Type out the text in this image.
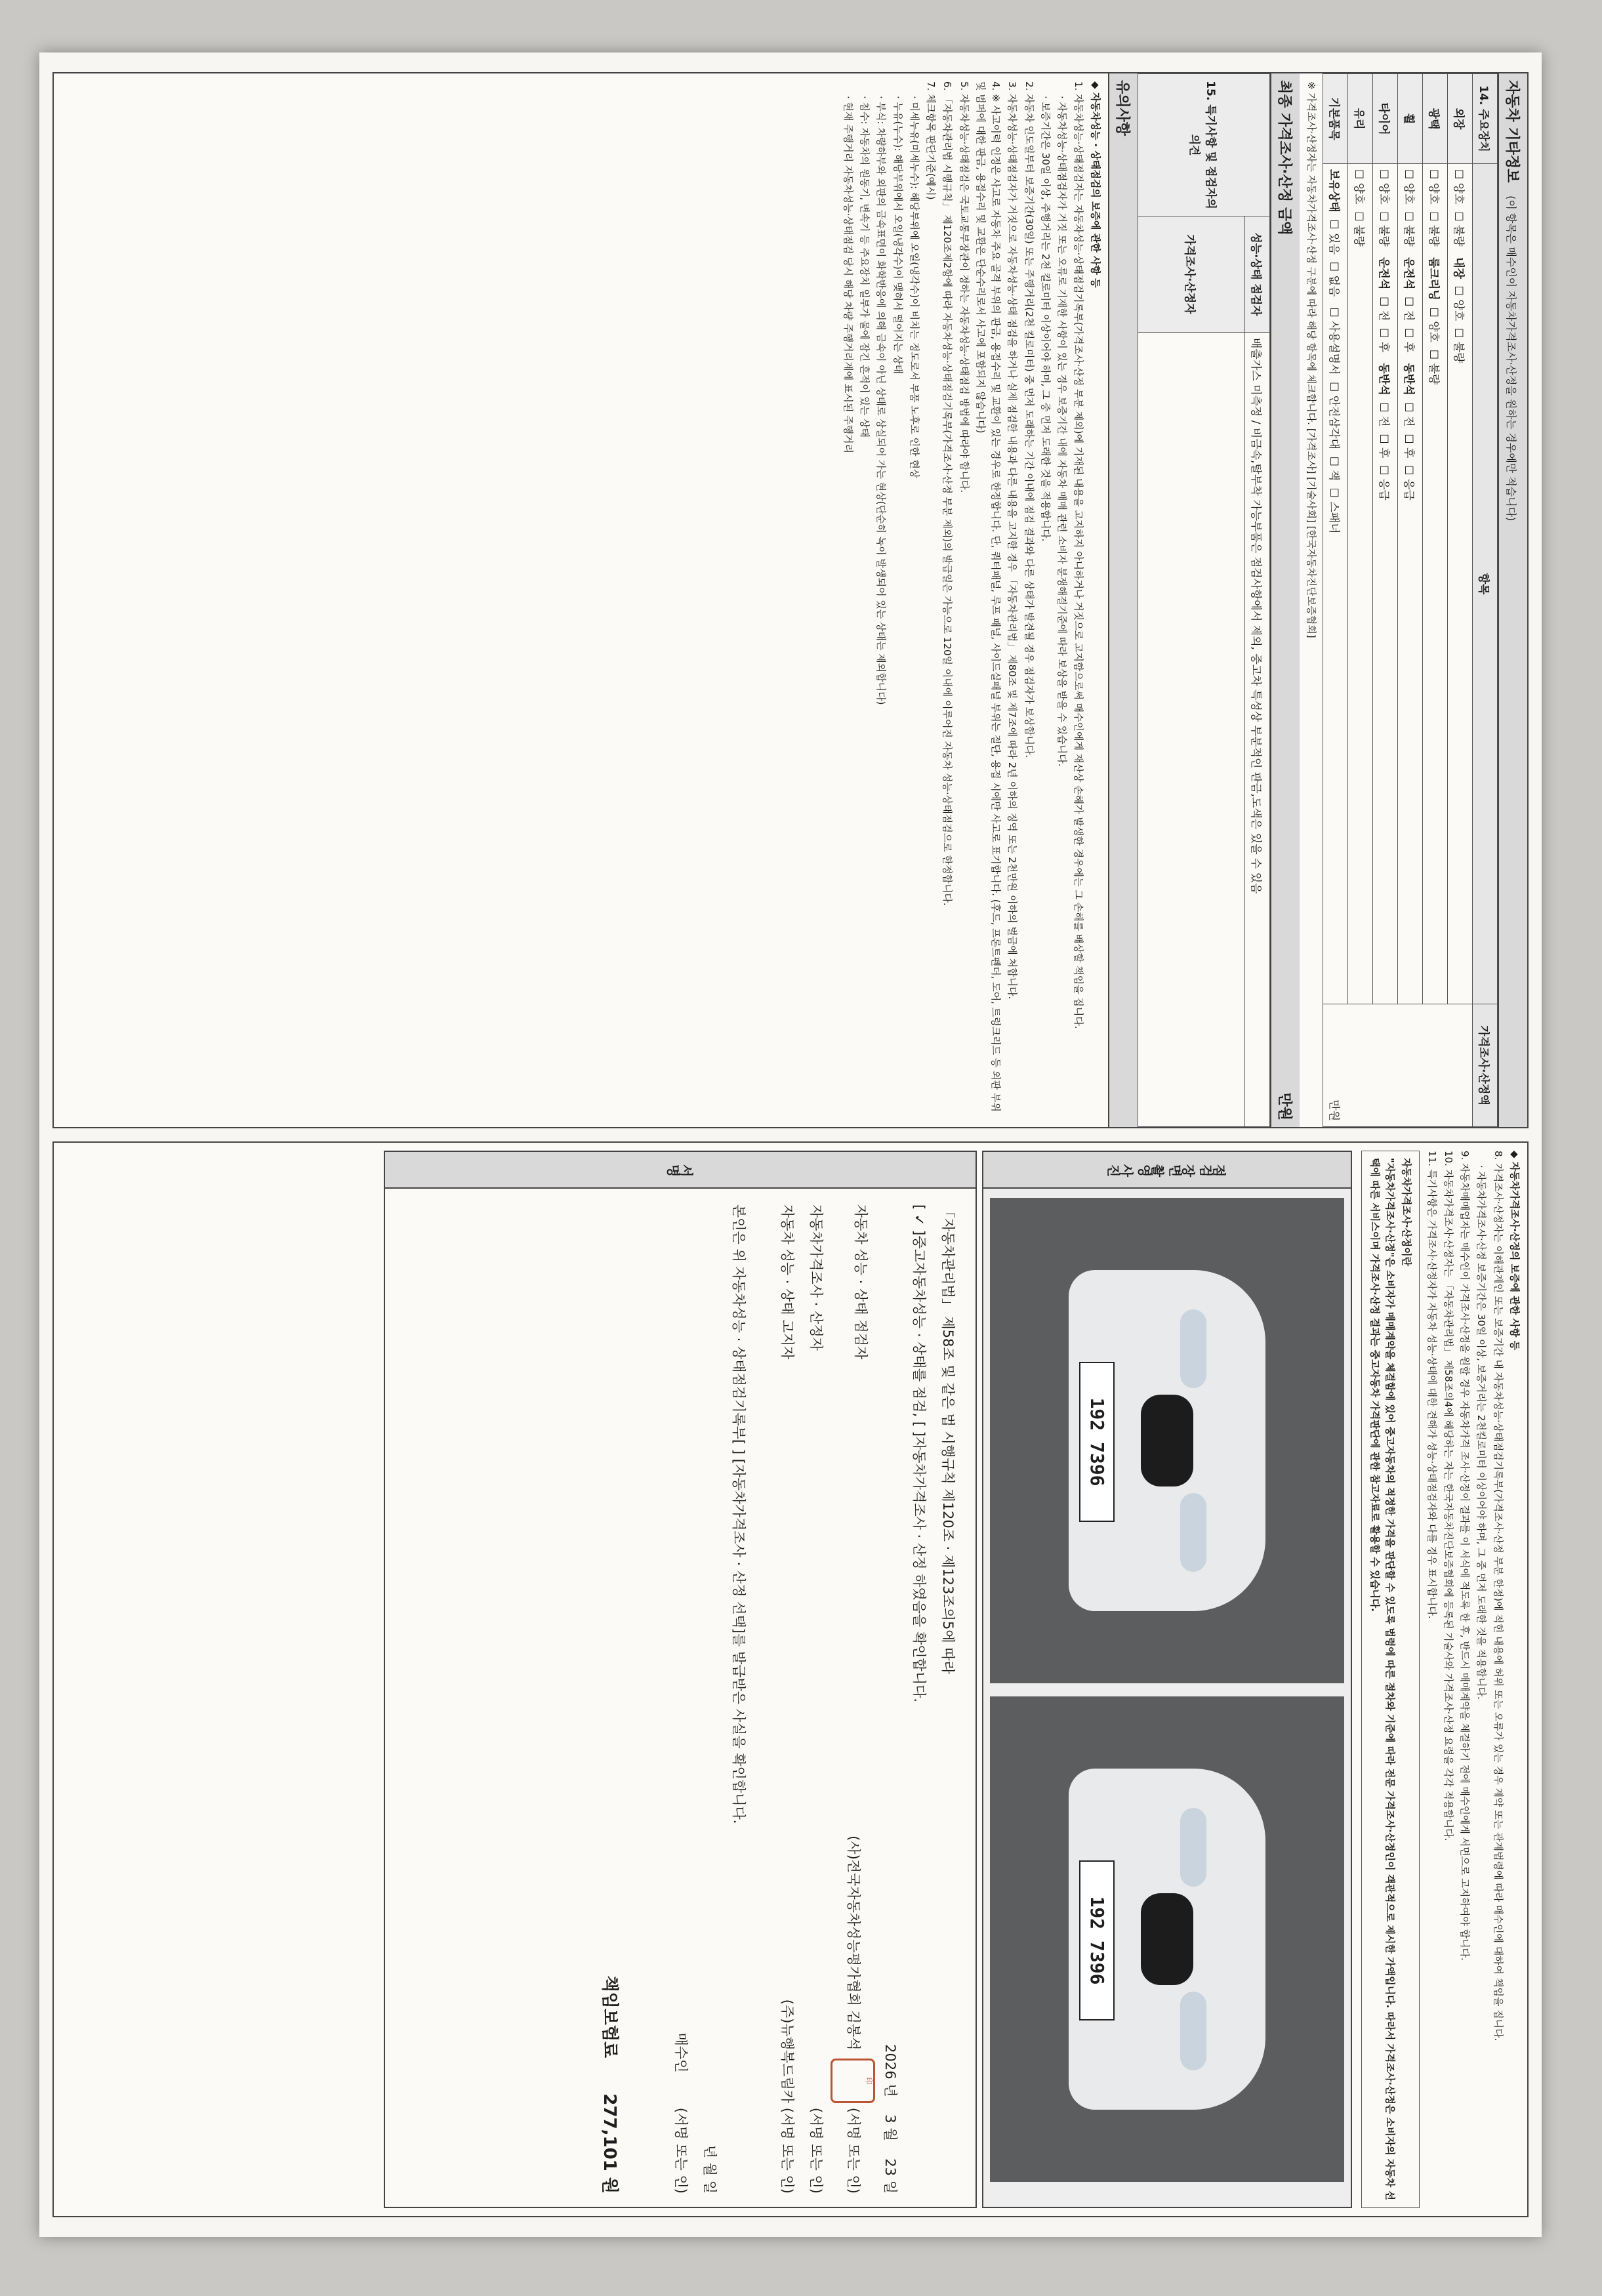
자동차 기타정보 (이 항목은 매수인이 자동차가격조사·산정을 원하는 경우에만 적습니다)
14. 주요장치	항목	가격조사·산정액
외장	☐ 양호  ☐ 불량   내장  ☐ 양호  ☐ 불량	만원
광택	☐ 양호  ☐ 불량   룸크리닝  ☐ 양호  ☐ 불량
휠	☐ 양호  ☐ 불량   운전석  ☐ 전  ☐ 후   동반석  ☐ 전  ☐ 후  ☐ 응급
타이어	☐ 양호  ☐ 불량   운전석  ☐ 전  ☐ 후   동반석  ☐ 전  ☐ 후  ☐ 응급
유리	☐ 양호  ☐ 불량
기본품목	보유상태  ☐ 있음  ☐ 없음   ☐ 사용설명서  ☐ 안전삼각대  ☐ 잭  ☐ 스패너
※ 가격조사·산정자는 자동차가격조사·산정 구분에 따라 해당 항목에 체크합니다. [가격조사] [기술사회] [한국자동차진단보증협회]
최종 가격조사·산정 금액
만원
15. 특기사항 및 점검자의 의견	성능·상태 점검자	배출가스 미측정 / 비금속,탈부착 가능부품은 점검사항에서 제외, 중고차 특성상 부분적인 판금,도색은 있을 수 있음
	가격조사·산정자	
유의사항

◆ 자동차성능 · 상태점검의 보증에 관한 사항 등

1. 자동차성능·상태점검자는 자동차성능·상태점검기록부(가격조사·산정 부분 제외)에 기재된 내용을 고지하지 아니하거나 거짓으로 고지함으로써 매수인에게 재산상 손해가 발생한 경우에는 그 손해를 배상할 책임을 집니다.

· 자동차성능·상태점검자가 거짓 또는 오류로 기재한 사항이 있는 경우 보증기간 내에 자동차 매매 관련 소비자 분쟁해결기준에 따라 보상을 받을 수 있습니다.

· 보증기간은 30일 이상, 주행거리는 2천 킬로미터 이상이어야 하며, 그 중 먼저 도래한 것을 적용합니다.

2. 자동차 인도일부터 보증기간(30일) 또는 주행거리(2천 킬로미터) 중 먼저 도래하는 기간 이내에 점검 결과와 다른 상태가 발견될 경우 점검자가 보상합니다.

3. 자동차성능·상태점검자가 거짓으로 자동차성능·상태 점검을 하거나 실제 점검한 내용과 다른 내용을 고지한 경우 「자동차관리법」 제80조 및 제7조에 따라 2년 이하의 징역 또는 2천만원 이하의 벌금에 처합니다.

4. ※ 사고이력 인정은 사고로 자동차 주요 골격 부위의 판금, 용접수리 및 교환이 있는 경우로 한정합니다. 단, 쿼터패널, 루프 패널, 사이드실패널 부위는 절단, 용접 시에만 사고로 표기합니다. (후드, 프론트펜더, 도어, 트렁크리드 등 외판 부위 및 범퍼에 대한 판금, 용접수리 및 교환은 단순수리로서 사고에 포함되지 않습니다)

5. 자동차성능·상태점검은 국토교통부장관이 정하는 자동차성능·상태점검 방법에 따라야 합니다.

6. 「자동차관리법 시행규칙」 제120조제2항에 따라 자동차성능·상태점검기록부(가격조사·산정 부분 제외)의 발급일은 가능으로 120일 이내에 이루어진 자동차 성능·상태점검으로 한정합니다.

7. 체크항목 판단기준(예시)

· 미세누유(미세누수): 해당부위에 오일(냉각수)이 비치는 정도로서 부품 노후로 인한 현상

· 누유(누수): 해당부위에서 오일(냉각수)이 맺혀서 떨어지는 상태

· 부식: 차량하부와 외판의 금속표면이 화학반응에 의해 금속이 아닌 상태로 상실되어 가는 현상(단순히 녹이 발생되어 있는 상태는 제외합니다)

· 침수: 자동차의 원동기, 변속기 등 주요장치 일부가 물에 잠긴 흔적이 있는 상태

· 현재 주행거리 자동차성능·상태점검 당시 해당 차량 주행거리계에 표시된 주행거리

◆ 자동차가격조사·산정의 보증에 관한 사항 등

8. 가격조사·산정자는 이해관계인 또는 보증기간 내 자동차성능·상태점검기록부(가격조사·산정 부분 한정)에 적힌 내용에 허위 또는 오류가 있는 경우 계약 또는 관계법령에 따라 매수인에 대하여 책임을 집니다.

· 자동차가격조사·산정 보증기간은 30일 이상, 보증거리는 2천킬로미터 이상이어야 하며, 그 중 먼저 도래한 것을 적용합니다.

9. 자동차매매업자는 매수인이 가격조사·산정을 원할 경우 자동차가격 조사·산정이 결과를 이 서식에 적도록 한 후, 반드시 매매계약을 체결하기 전에 매수인에게 서면으로 고지하여야 합니다.

10. 자동차가격조사·산정자는 「자동차관리법」 제58조의4에 해당하는 자는 한국자동차진단보증협회에 등록된 기술사와 가격조사·산정 요령을 각각 적용합니다.

11. 특기사항은 가격조사·산정자가 자동차 성능·상태에 대한 견해가 성능·상태점검자와 다를 경우 표시합니다.

자동차가격조사·산정이란

"자동차가격조사·산정"은 소비자가 매매계약을 체결함에 있어 중고자동차의 적정한 가격을 판단할 수 있도록 법령에 따른 절차와 기준에 따라 전문 가격조사·산정인이 객관적으로 제시한 가액입니다. 따라서 가격조사·산정은 소비자의 자동차 선택에 따른 서비스이며 가격조사·산정 결과는 중고자동차 가격판단에 관한 참고자료로 활용할 수 있습니다.

점검 장면 촬영 사진
192 7396
192 7396
서명
「자동차관리법」 제58조 및 같은 법 시행규칙 제120조 · 제123조의5에 따라
[ ✓ ]중고자동차성능 · 상태를 점검, [ ]자동차가격조사 · 산정 하였음을 확인합니다.
2026 년    3 월    23 일
자동차 성능 · 상태 점검자
(사)전국자동차성능평가협회 김봉석 印 (서명 또는 인)
자동차가격조사 · 산정자
(서명 또는 인)
자동차 성능 · 상태 고지자
(주)뉴행복드림카 (서명 또는 인)
본인은 위 자동차성능 · 상태점검기록부[ ] [자동차가격조사 · 산정 선택]를 발급받은 사실을 확인합니다.
년 월 일
매수인        (서명 또는 인)
책임보험료      277,101 원
